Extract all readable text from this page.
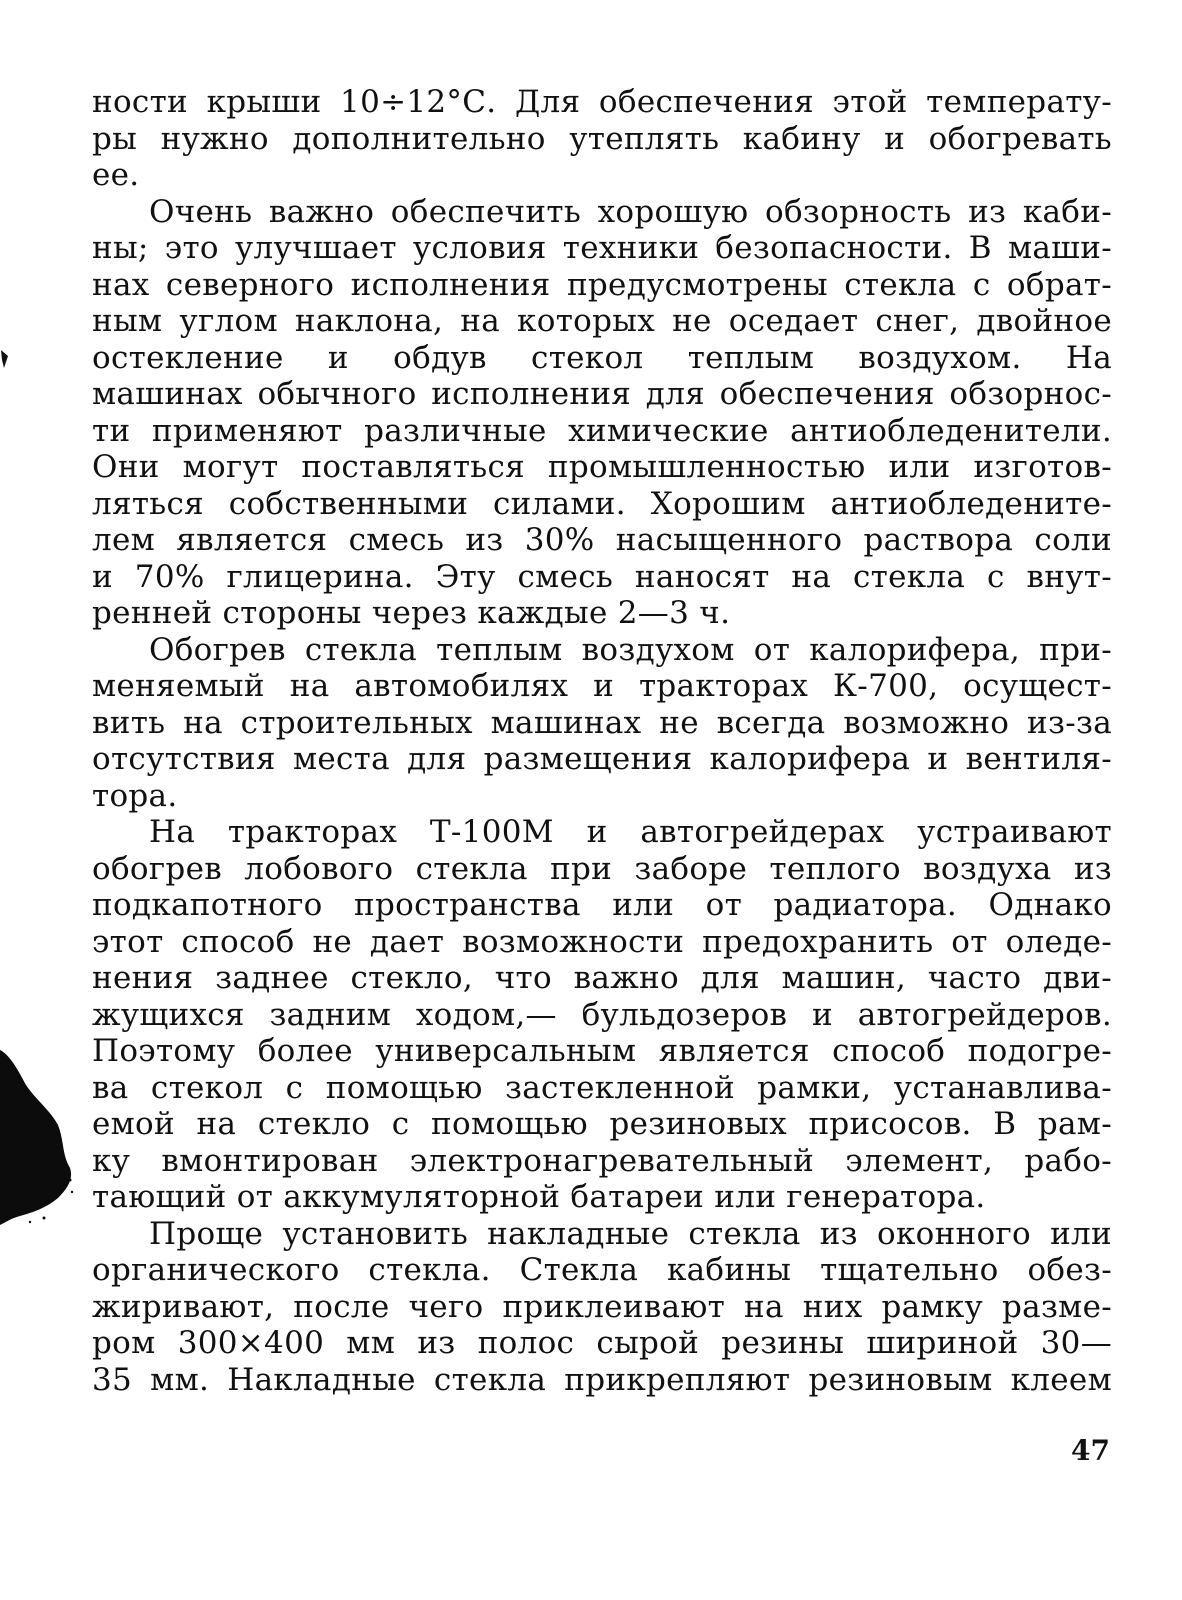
ности крыши 10÷12°С. Для обеспечения этой температу-
ры нужно дополнительно утеплять кабину и обогревать
ее.
Очень важно обеспечить хорошую обзорность из каби-
ны; это улучшает условия техники безопасности. В маши-
нах северного исполнения предусмотрены стекла с обрат-
ным углом наклона, на которых не оседает снег, двойное
остекление и обдув стекол теплым воздухом. На
машинах обычного исполнения для обеспечения обзорнос-
ти применяют различные химические антиобледенители.
Они могут поставляться промышленностью или изготов-
ляться собственными силами. Хорошим антиобледените-
лем является смесь из 30% насыщенного раствора соли
и 70% глицерина. Эту смесь наносят на стекла с внут-
ренней стороны через каждые 2—3 ч.
Обогрев стекла теплым воздухом от калорифера, при-
меняемый на автомобилях и тракторах К-700, осущест-
вить на строительных машинах не всегда возможно из-за
отсутствия места для размещения калорифера и вентиля-
тора.
На тракторах Т-100М и автогрейдерах устраивают
обогрев лобового стекла при заборе теплого воздуха из
подкапотного пространства или от радиатора. Однако
этот способ не дает возможности предохранить от оледе-
нения заднее стекло, что важно для машин, часто дви-
жущихся задним ходом,— бульдозеров и автогрейдеров.
Поэтому более универсальным является способ подогре-
ва стекол с помощью застекленной рамки, устанавлива-
емой на стекло с помощью резиновых присосов. В рам-
ку вмонтирован электронагревательный элемент, рабо-
тающий от аккумуляторной батареи или генератора.
Проще установить накладные стекла из оконного или
органического стекла. Стекла кабины тщательно обез-
жиривают, после чего приклеивают на них рамку разме-
ром 300×400 мм из полос сырой резины шириной 30—
35 мм. Накладные стекла прикрепляют резиновым клеем
47
